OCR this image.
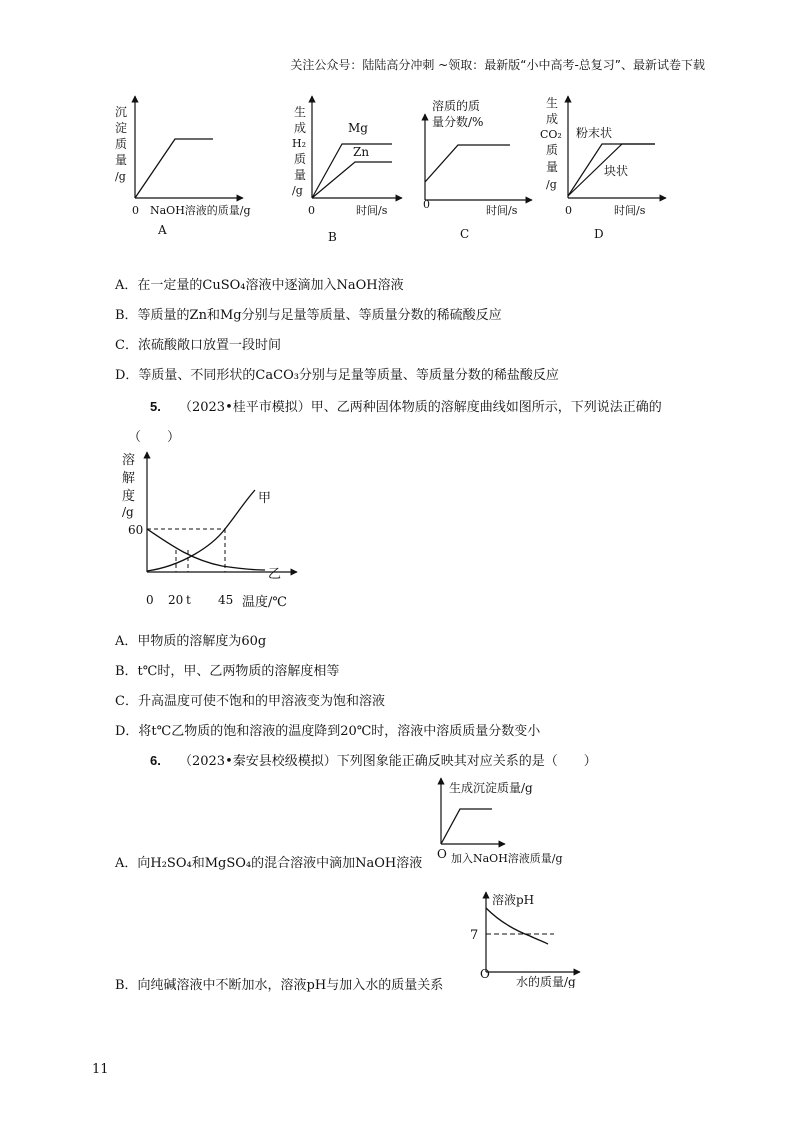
关注公众号：陆陆高分冲刺 ~领取：最新版“小中高考-总复习”、最新试卷下载
沉
淀
质
量
/g
0 NaOH溶液的质量/g
A
生
成
H₂
质
量
/g
Mg
Zn
0	时间/s
B
溶质的质
量分数/%
0	时间/s
C
生
成
CO₂
质
量
/g
粉末状
块状
0	时间/s
D
A．在一定量的CuSO₄溶液中逐滴加入NaOH溶液
B．等质量的Zn和Mg分别与足量等质量、等质量分数的稀硫酸反应
C．浓硫酸敞口放置一段时间
D．等质量、不同形状的CaCO₃分别与足量等质量、等质量分数的稀盐酸反应
5. （2023•桂平市模拟）甲、乙两种固体物质的溶解度曲线如图所示，下列说法正确的
（　　）
溶
解
度
/g
60
0 20 t 45 温度/℃
甲
乙
A．甲物质的溶解度为60g
B．t℃时，甲、乙两物质的溶解度相等
C．升高温度可使不饱和的甲溶液变为饱和溶液
D．将t℃乙物质的饱和溶液的温度降到20℃时，溶液中溶质质量分数变小
6. （2023•秦安县校级模拟）下列图象能正确反映其对应关系的是（　　）
生成沉淀质量/g
O 加入NaOH溶液质量/g
A．向H₂SO₄和MgSO₄的混合溶液中滴加NaOH溶液
溶液pH
7
O
水的质量/g
B．向纯碱溶液中不断加水，溶液pH与加入水的质量关系
11
